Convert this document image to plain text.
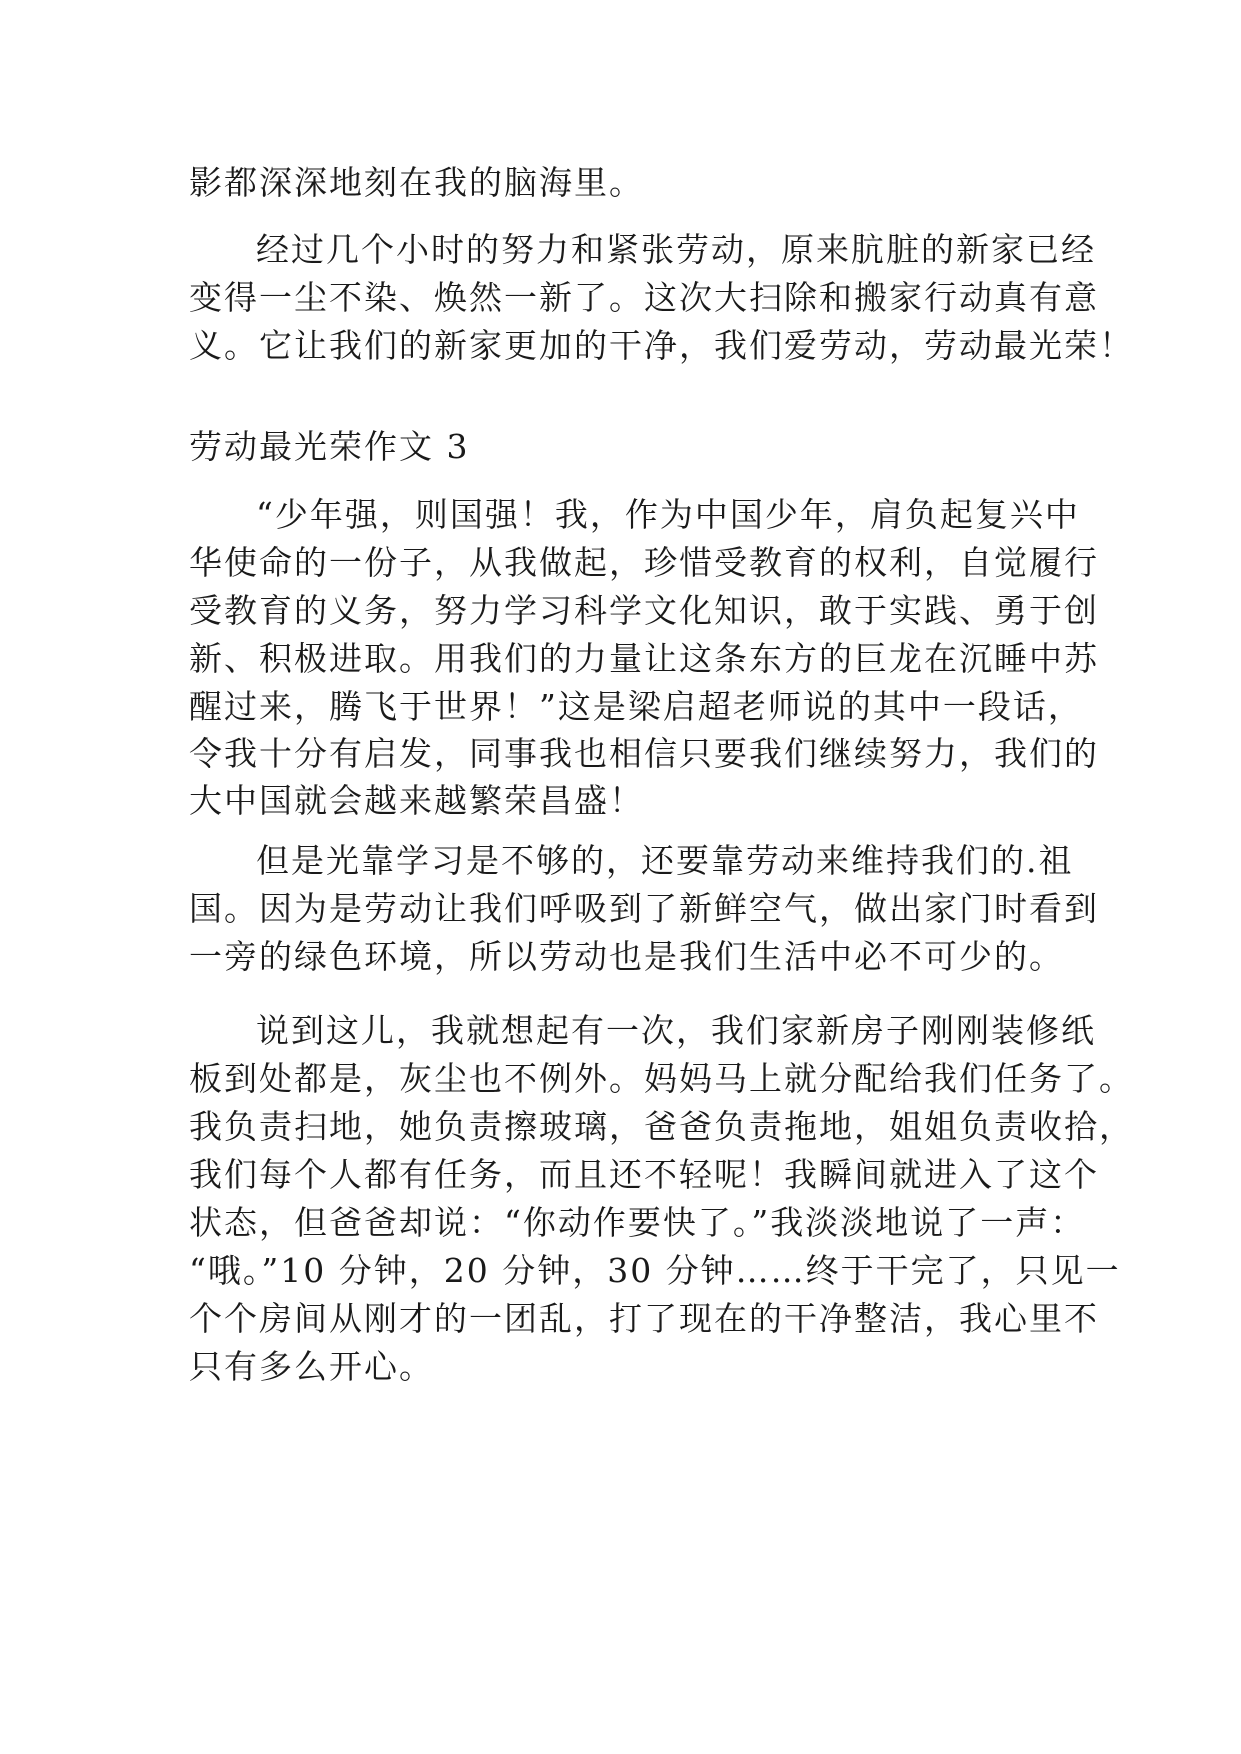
影都深深地刻在我的脑海里。
经过几个小时的努力和紧张劳动，原来肮脏的新家已经
变得一尘不染、焕然一新了。这次大扫除和搬家行动真有意
义。它让我们的新家更加的干净，我们爱劳动，劳动最光荣！
劳动最光荣作文 3
“少年强，则国强！我，作为中国少年，肩负起复兴中
华使命的一份子，从我做起，珍惜受教育的权利，自觉履行
受教育的义务，努力学习科学文化知识，敢于实践、勇于创
新、积极进取。用我们的力量让这条东方的巨龙在沉睡中苏
醒过来，腾飞于世界！”这是梁启超老师说的其中一段话，
令我十分有启发，同事我也相信只要我们继续努力，我们的
大中国就会越来越繁荣昌盛！
但是光靠学习是不够的，还要靠劳动来维持我们的.祖
国。因为是劳动让我们呼吸到了新鲜空气，做出家门时看到
一旁的绿色环境，所以劳动也是我们生活中必不可少的。
说到这儿，我就想起有一次，我们家新房子刚刚装修纸
板到处都是，灰尘也不例外。妈妈马上就分配给我们任务了。
我负责扫地，她负责擦玻璃，爸爸负责拖地，姐姐负责收拾，
我们每个人都有任务，而且还不轻呢！我瞬间就进入了这个
状态，但爸爸却说：“你动作要快了。”我淡淡地说了一声：
“哦。”10 分钟，20 分钟，30 分钟……终于干完了，只见一
个个房间从刚才的一团乱，打了现在的干净整洁，我心里不
只有多么开心。
